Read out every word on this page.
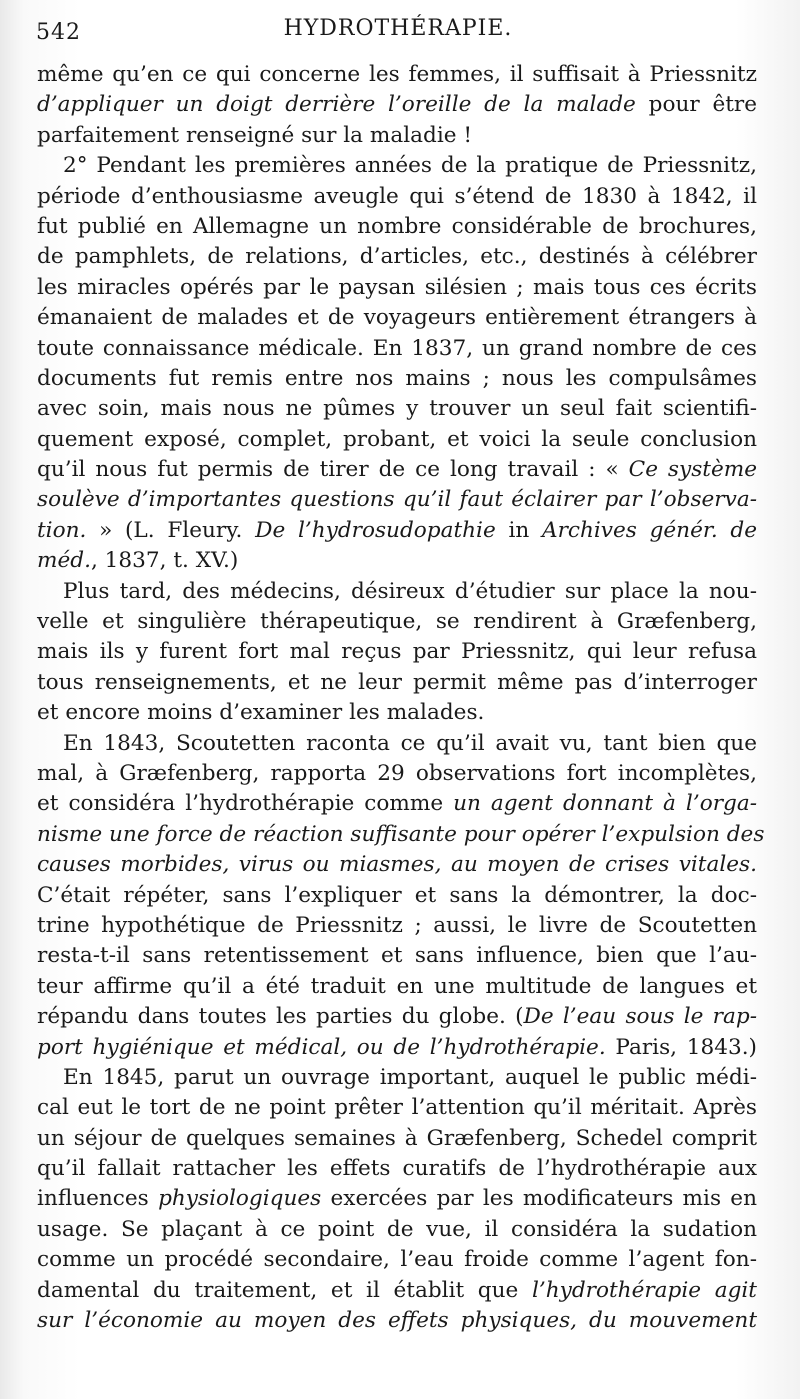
542	HYDROTHÉRAPIE.
même qu’en ce qui concerne les femmes, il suffisait à Priessnitz
d’appliquer un doigt derrière l’oreille de la malade pour être
parfaitement renseigné sur la maladie !
2° Pendant les premières années de la pratique de Priessnitz,
période d’enthousiasme aveugle qui s’étend de 1830 à 1842, il
fut publié en Allemagne un nombre considérable de brochures,
de pamphlets, de relations, d’articles, etc., destinés à célébrer
les miracles opérés par le paysan silésien ; mais tous ces écrits
émanaient de malades et de voyageurs entièrement étrangers à
toute connaissance médicale. En 1837, un grand nombre de ces
documents fut remis entre nos mains ; nous les compulsâmes
avec soin, mais nous ne pûmes y trouver un seul fait scientifi-
quement exposé, complet, probant, et voici la seule conclusion
qu’il nous fut permis de tirer de ce long travail : « Ce système
soulève d’importantes questions qu’il faut éclairer par l’observa-
tion. » (L. Fleury. De l’hydrosudopathie in Archives génér. de
méd., 1837, t. XV.)
Plus tard, des médecins, désireux d’étudier sur place la nou-
velle et singulière thérapeutique, se rendirent à Græfenberg,
mais ils y furent fort mal reçus par Priessnitz, qui leur refusa
tous renseignements, et ne leur permit même pas d’interroger
et encore moins d’examiner les malades.
En 1843, Scoutetten raconta ce qu’il avait vu, tant bien que
mal, à Græfenberg, rapporta 29 observations fort incomplètes,
et considéra l’hydrothérapie comme un agent donnant à l’orga-
nisme une force de réaction suffisante pour opérer l’expulsion des
causes morbides, virus ou miasmes, au moyen de crises vitales.
C’était répéter, sans l’expliquer et sans la démontrer, la doc-
trine hypothétique de Priessnitz ; aussi, le livre de Scoutetten
resta-t-il sans retentissement et sans influence, bien que l’au-
teur affirme qu’il a été traduit en une multitude de langues et
répandu dans toutes les parties du globe. (De l’eau sous le rap-
port hygiénique et médical, ou de l’hydrothérapie. Paris, 1843.)
En 1845, parut un ouvrage important, auquel le public médi-
cal eut le tort de ne point prêter l’attention qu’il méritait. Après
un séjour de quelques semaines à Græfenberg, Schedel comprit
qu’il fallait rattacher les effets curatifs de l’hydrothérapie aux
influences physiologiques exercées par les modificateurs mis en
usage. Se plaçant à ce point de vue, il considéra la sudation
comme un procédé secondaire, l’eau froide comme l’agent fon-
damental du traitement, et il établit que l’hydrothérapie agit
sur l’économie au moyen des effets physiques, du mouvement
